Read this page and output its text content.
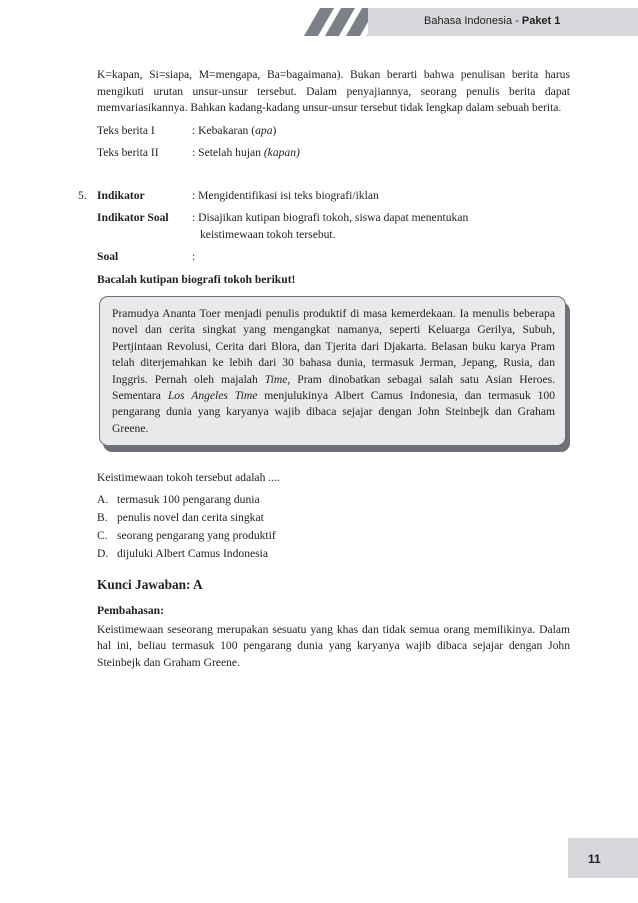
Bahasa Indonesia - Paket 1

K=kapan, Si=siapa, M=mengapa, Ba=bagaimana). Bukan berarti bahwa penulisan berita harus mengikuti urutan unsur-unsur tersebut. Dalam penyajiannya, seorang penulis berita dapat memvariasikannya. Bahkan kadang-kadang unsur-unsur tersebut tidak lengkap dalam sebuah berita.

Teks berita I	: Kebakaran (apa)
Teks berita II	: Setelah hujan (kapan)
5. Indikator	: Mengidentifikasi isi teks biografi/iklan
Indikator Soal	: Disajikan kutipan biografi tokoh, siswa dapat menentukan
keistimewaan tokoh tersebut.
Soal	:

Bacalah kutipan biografi tokoh berikut!

Pramudya Ananta Toer menjadi penulis produktif di masa kemerdekaan. Ia menulis beberapa novel dan cerita singkat yang mengangkat namanya, seperti Keluarga Gerilya, Subuh, Pertjintaan Revolusi, Cerita dari Blora, dan Tjerita dari Djakarta. Belasan buku karya Pram telah diterjemahkan ke lebih dari 30 bahasa dunia, termasuk Jerman, Jepang, Rusia, dan Inggris. Pernah oleh majalah Time, Pram dinobatkan sebagai salah satu Asian Heroes. Sementara Los Angeles Time menjulukinya Albert Camus Indonesia, dan termasuk 100 pengarang dunia yang karyanya wajib dibaca sejajar dengan John Steinbejk dan Graham Greene.

Keistimewaan tokoh tersebut adalah ....

A. termasuk 100 pengarang dunia
B. penulis novel dan cerita singkat
C. seorang pengarang yang produktif
D. dijuluki Albert Camus Indonesia

Kunci Jawaban: A

Pembahasan:

Keistimewaan seseorang merupakan sesuatu yang khas dan tidak semua orang memilikinya. Dalam hal ini, beliau termasuk 100 pengarang dunia yang karyanya wajib dibaca sejajar dengan John Steinbejk dan Graham Greene.

11
